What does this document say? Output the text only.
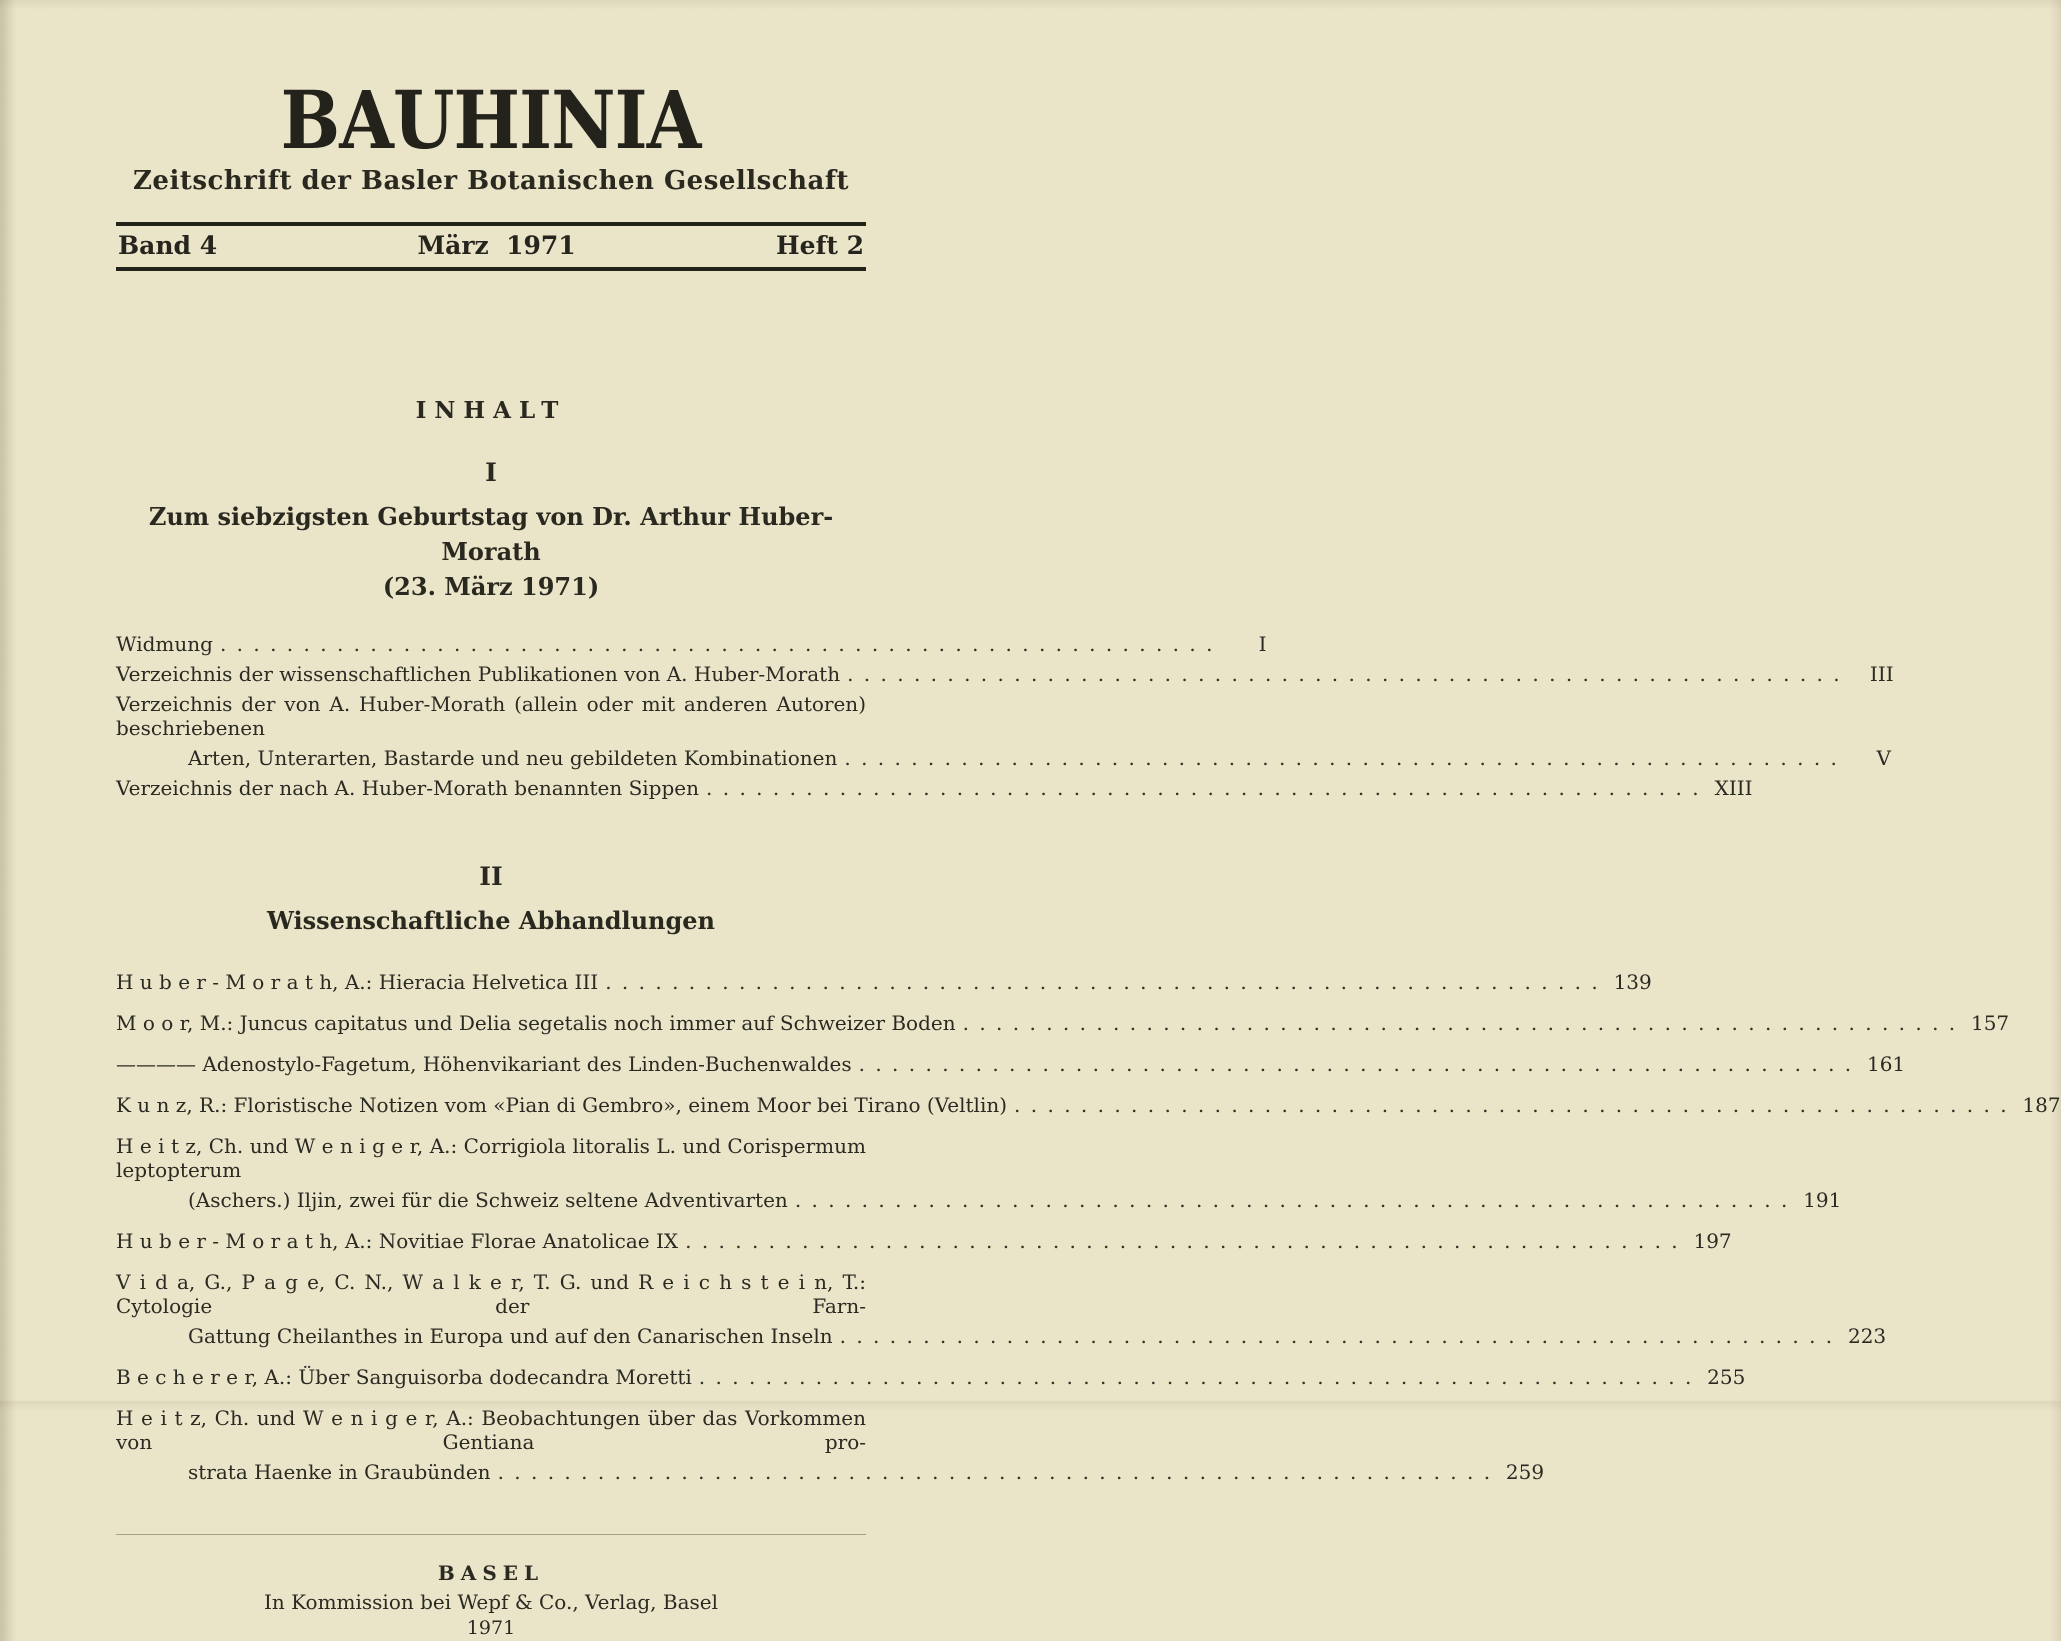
BAUHINIA
Zeitschrift der Basler Botanischen Gesellschaft
Band 4	März  1971	Heft 2
INHALT
I
Zum siebzigsten Geburtstag von Dr. Arthur Huber-Morath
(23. März 1971)
Widmung . .	I
Verzeichnis der wissenschaftlichen Publikationen von A. Huber-Morath . .	III
Verzeichnis der von A. Huber-Morath (allein oder mit anderen Autoren) beschriebenen
Arten, Unterarten, Bastarde und neu gebildeten Kombinationen . .	V
Verzeichnis der nach A. Huber-Morath benannten Sippen . .	XIII
II
Wissenschaftliche Abhandlungen
H u b e r - M o r a t h, A.: Hieracia Helvetica III . .	139
M o o r, M.: Juncus capitatus und Delia segetalis noch immer auf Schweizer Boden . .	157
———— Adenostylo-Fagetum, Höhenvikariant des Linden-Buchenwaldes . .	161
K u n z, R.: Floristische Notizen vom «Pian di Gembro», einem Moor bei Tirano (Veltlin) . .	187
H e i t z, Ch. und W e n i g e r, A.: Corrigiola litoralis L. und Corispermum leptopterum
(Aschers.) Iljin, zwei für die Schweiz seltene Adventivarten . .	191
H u b e r - M o r a t h, A.: Novitiae Florae Anatolicae IX . .	197
V i d a, G., P a g e, C. N., W a l k e r, T. G. und R e i c h s t e i n, T.: Cytologie der Farn-
Gattung Cheilanthes in Europa und auf den Canarischen Inseln . .	223
B e c h e r e r, A.: Über Sanguisorba dodecandra Moretti . .	255
H e i t z, Ch. und W e n i g e r, A.: Beobachtungen über das Vorkommen von Gentiana pro-
strata Haenke in Graubünden . .	259
BASEL
In Kommission bei Wepf & Co., Verlag, Basel
1971
